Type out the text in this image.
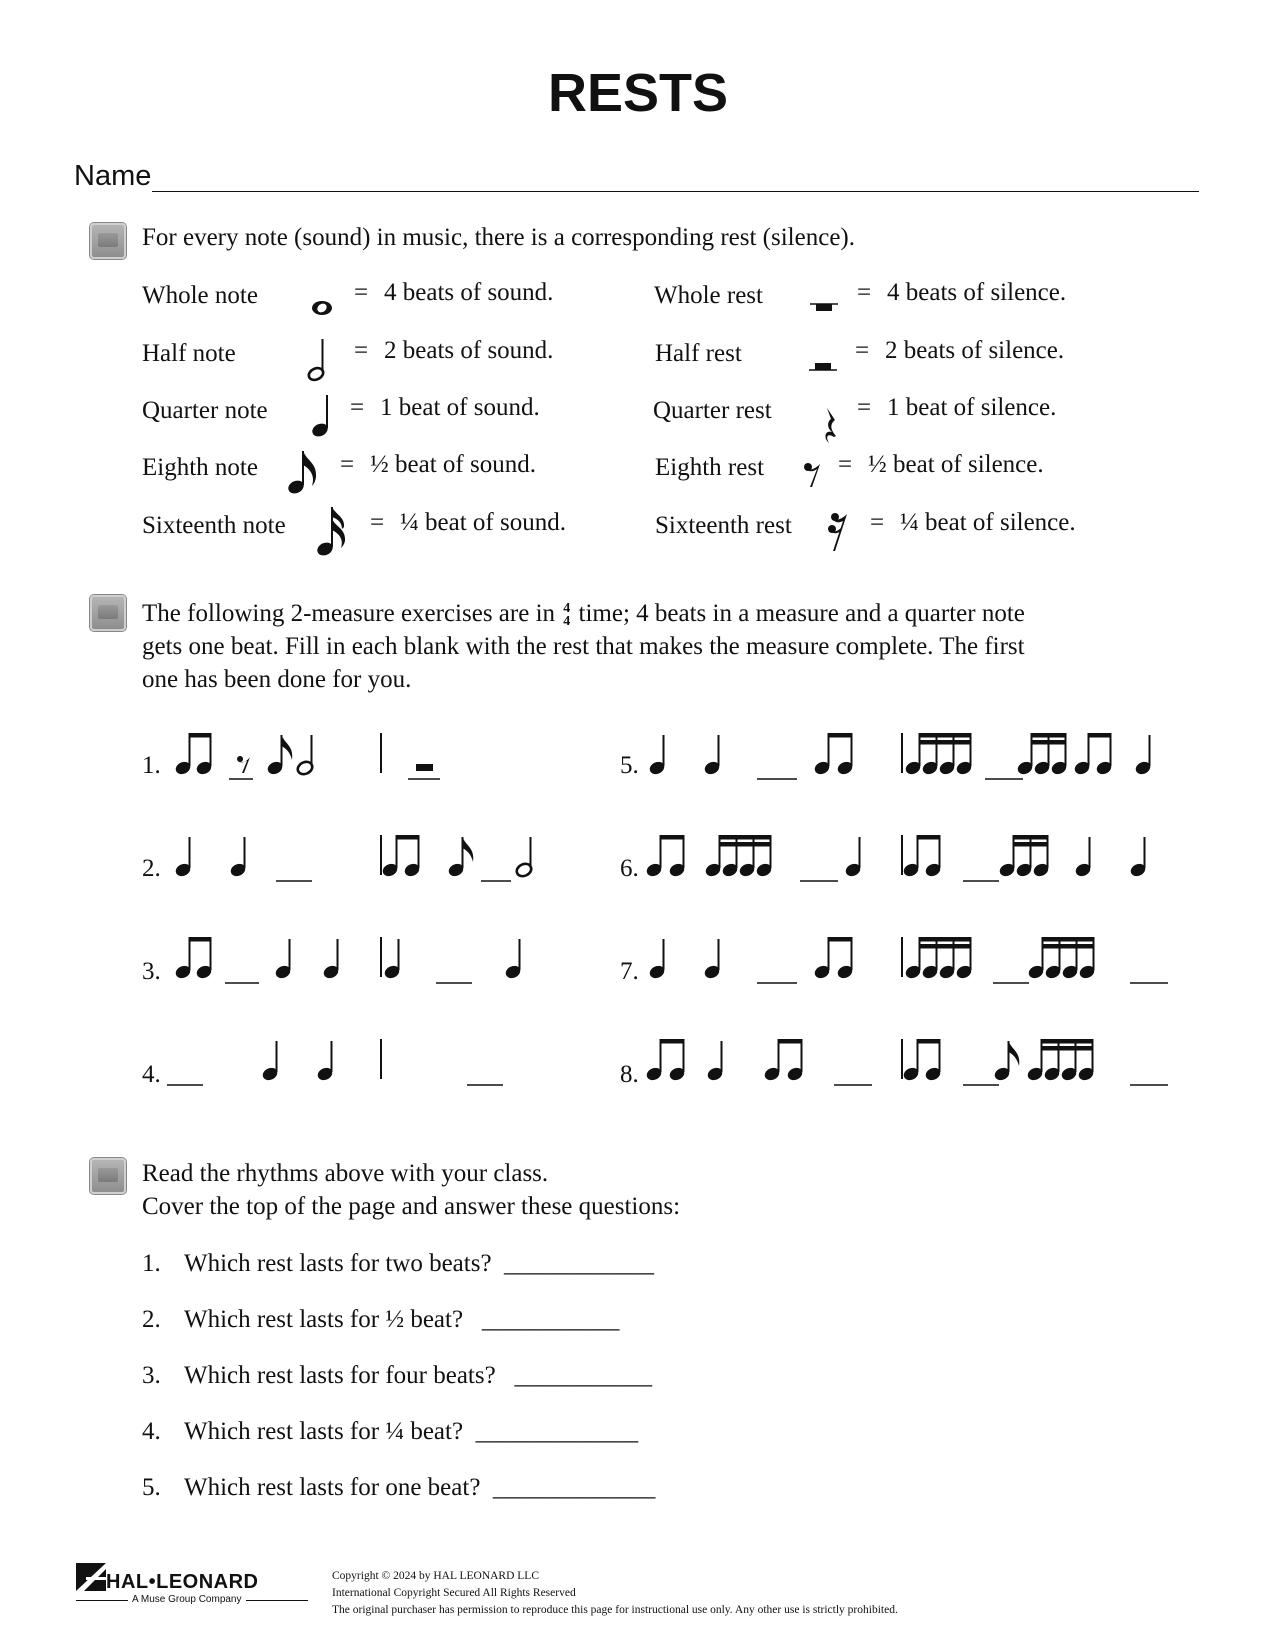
RESTS
Name
For every note (sound) in music, there is a corresponding rest (silence).
Whole note
Half note
Quarter note
Eighth note
Sixteenth note
= 4 beats of sound.
= 2 beats of sound.
= 1 beat of sound.
= ½ beat of sound.
= ¼ beat of sound.
Whole rest
Half rest
Quarter rest
Eighth rest
Sixteenth rest
= 4 beats of silence.
= 2 beats of silence.
= 1 beat of silence.
= ½ beat of silence.
= ¼ beat of silence.
The following 2-measure exercises are in 4
4 time; 4 beats in a measure and a quarter note
gets one beat. Fill in each blank with the rest that makes the measure complete. The first
one has been done for you.
1.
2.
3.
4.
5.
6.
7.
8.
Read the rhythms above with your class.
Cover the top of the page and answer these questions:
1. Which rest lasts for two beats? ____________
2. Which rest lasts for ½ beat? ___________
3. Which rest lasts for four beats? ___________
4. Which rest lasts for ¼ beat? _____________
5. Which rest lasts for one beat? _____________
HAL•LEONARD
A Muse Group Company
Copyright © 2024 by HAL LEONARD LLC
International Copyright Secured All Rights Reserved
The original purchaser has permission to reproduce this page for instructional use only. Any other use is strictly prohibited.
